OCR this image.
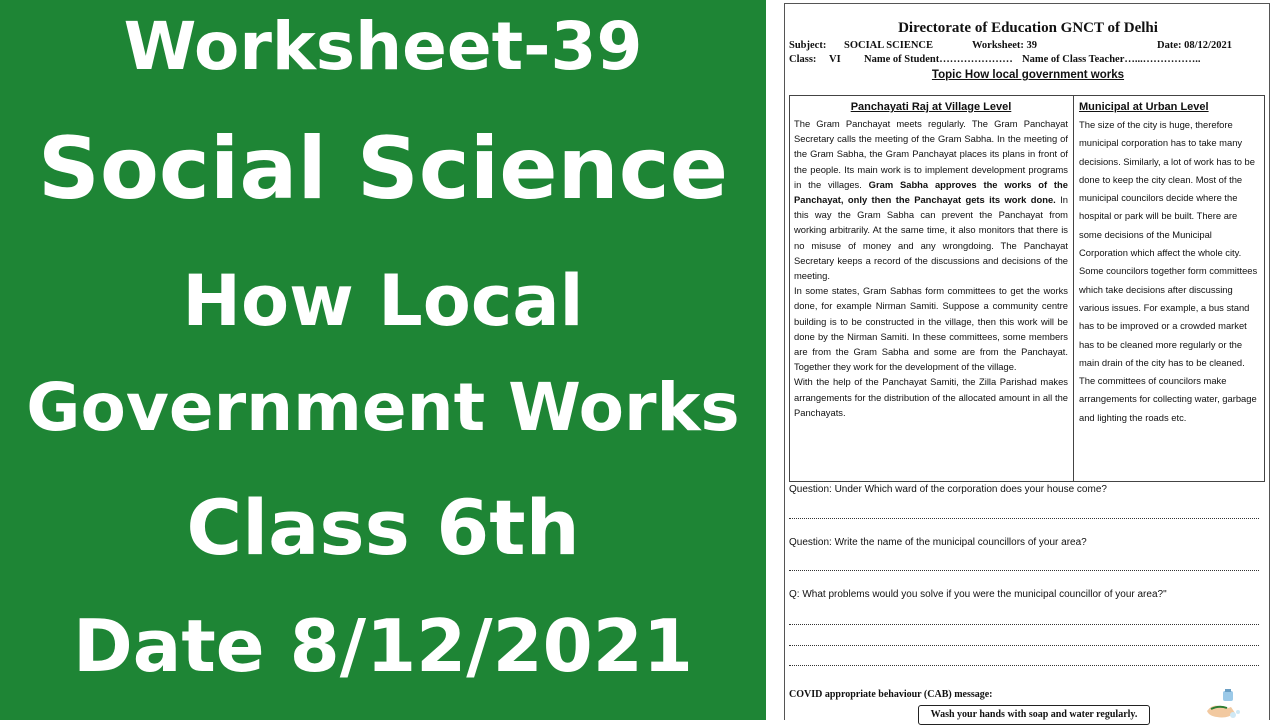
Worksheet-39
Social Science
How Local
Government Works
Class 6th
Date 8/12/2021
Directorate of Education GNCT of Delhi
Subject: SOCIAL SCIENCE	Worksheet: 39	Date: 08/12/2021
Class: VI Name of Student………………… Name of Class Teacher…...……………..
Topic How local government works
Panchayati Raj at Village Level

The Gram Panchayat meets regularly. The Gram Panchayat Secretary calls the meeting of the Gram Sabha. In the meeting of the Gram Sabha, the Gram Panchayat places its plans in front of the people. Its main work is to implement development programs in the villages. Gram Sabha approves the works of the Panchayat, only then the Panchayat gets its work done. In this way the Gram Sabha can prevent the Panchayat from working arbitrarily. At the same time, it also monitors that there is no misuse of money and any wrongdoing. The Panchayat Secretary keeps a record of the discussions and decisions of the meeting.

In some states, Gram Sabhas form committees to get the works done, for example Nirman Samiti. Suppose a community centre building is to be constructed in the village, then this work will be done by the Nirman Samiti. In these committees, some members are from the Gram Sabha and some are from the Panchayat. Together they work for the development of the village.

With the help of the Panchayat Samiti, the Zilla Parishad makes arrangements for the distribution of the allocated amount in all the Panchayats.

Municipal at Urban Level

The size of the city is huge, therefore municipal corporation has to take many decisions. Similarly, a lot of work has to be done to keep the city clean. Most of the municipal councilors decide where the hospital or park will be built. There are some decisions of the Municipal Corporation which affect the whole city. Some councilors together form committees which take decisions after discussing various issues. For example, a bus stand has to be improved or a crowded market has to be cleaned more regularly or the main drain of the city has to be cleaned. The committees of councilors make arrangements for collecting water, garbage and lighting the roads etc.

Question: Under Which ward of the corporation does your house come?
Question: Write the name of the municipal councillors of your area?
Q: What problems would you solve if you were the municipal councillor of your area?"
COVID appropriate behaviour (CAB) message:
Wash your hands with soap and water regularly.
